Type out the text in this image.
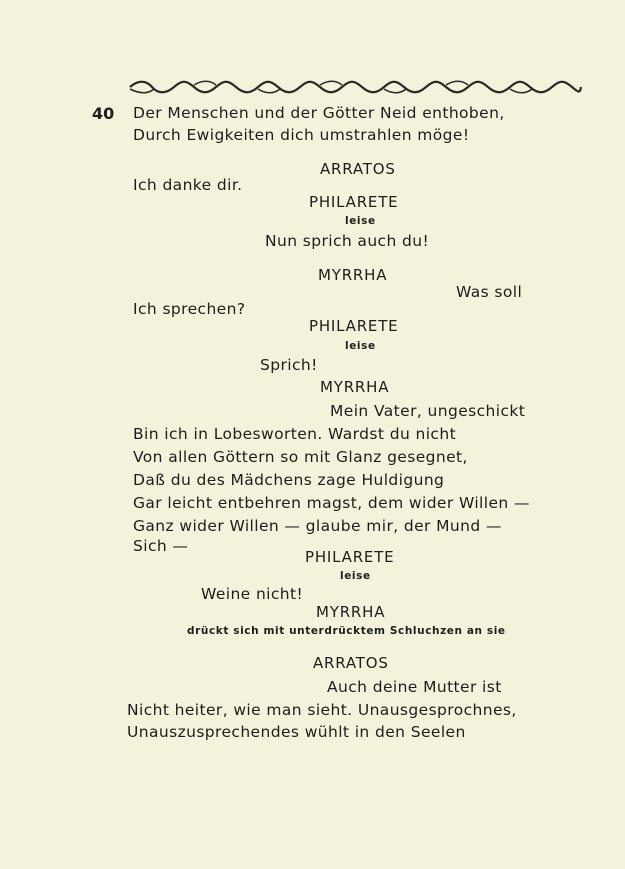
40 Der Menschen und der Götter Neid enthoben,
Durch Ewigkeiten dich umstrahlen möge!
ARRATOS
Ich danke dir.
PHILARETE
leise
Nun sprich auch du!
MYRRHA
Was soll
Ich sprechen?
PHILARETE
leise
Sprich!
MYRRHA
Mein Vater, ungeschickt
Bin ich in Lobesworten. Wardst du nicht
Von allen Göttern so mit Glanz gesegnet,
Daß du des Mädchens zage Huldigung
Gar leicht entbehren magst, dem wider Willen —
Ganz wider Willen — glaube mir, der Mund —
Sich —
PHILARETE
leise
Weine nicht!
MYRRHA
drückt sich mit unterdrücktem Schluchzen an sie
ARRATOS
Auch deine Mutter ist
Nicht heiter, wie man sieht. Unausgesprochnes,
Unauszusprechendes wühlt in den Seelen
